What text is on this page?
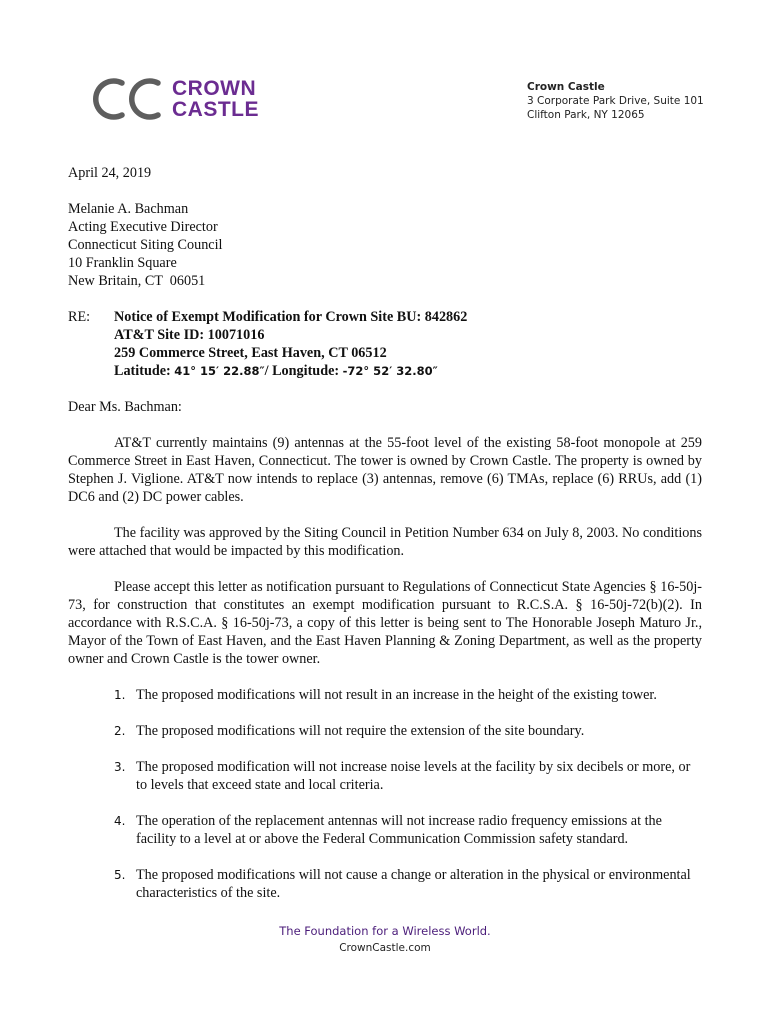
CROWN
CASTLE
Crown Castle
3 Corporate Park Drive, Suite 101
Clifton Park, NY 12065

April 24, 2019

Melanie A. Bachman
Acting Executive Director
Connecticut Siting Council
10 Franklin Square
New Britain, CT  06051

RE:	Notice of Exempt Modification for Crown Site BU: 842862
AT&T Site ID: 10071016
259 Commerce Street, East Haven, CT 06512
Latitude: 41° 15′ 22.88″/ Longitude: -72° 52′ 32.80″

Dear Ms. Bachman:

AT&T currently maintains (9) antennas at the 55-foot level of the existing 58-foot monopole at 259 Commerce Street in East Haven, Connecticut. The tower is owned by Crown Castle. The property is owned by Stephen J. Viglione. AT&T now intends to replace (3) antennas, remove (6) TMAs, replace (6) RRUs, add (1) DC6 and (2) DC power cables.

The facility was approved by the Siting Council in Petition Number 634 on July 8, 2003. No conditions were attached that would be impacted by this modification.

Please accept this letter as notification pursuant to Regulations of Connecticut State Agencies § 16-50j-73, for construction that constitutes an exempt modification pursuant to R.C.S.A. § 16-50j-72(b)(2). In accordance with R.S.C.A. § 16-50j-73, a copy of this letter is being sent to The Honorable Joseph Maturo Jr., Mayor of the Town of East Haven, and the East Haven Planning & Zoning Department, as well as the property owner and Crown Castle is the tower owner.

1. The proposed modifications will not result in an increase in the height of the existing tower.
2. The proposed modifications will not require the extension of the site boundary.
3. The proposed modification will not increase noise levels at the facility by six decibels or more, or to levels that exceed state and local criteria.
4. The operation of the replacement antennas will not increase radio frequency emissions at the facility to a level at or above the Federal Communication Commission safety standard.
5. The proposed modifications will not cause a change or alteration in the physical or environmental characteristics of the site.
The Foundation for a Wireless World.
CrownCastle.com
